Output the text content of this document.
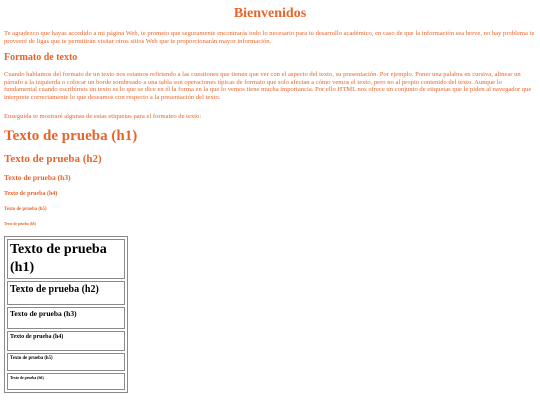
Bienvenidos

Te agradezco que hayas accedido a mi página Web, te prometo que seguramente encontrarás todo lo necesario para tu desarrollo académico, en caso de que la información sea breve, no hay problema te proveeré de ligas que te permitirán visitar otros sitios Web que te proporcionarán mayor información.

Formato de texto

Cuando hablamos del formato de un texto nos estamos refiriendo a las cuestiones que tienen que ver con el aspecto del texto, su presentación. Por ejemplo. Poner una palabra en cursiva, alinear un párrafo a la izquierda o colocar un borde sombreado a una tabla son operaciones típicas de formato que solo afectan a cómo vemos el texto, pero no al propio contenido del texto. Aunque lo fundamental cuando escribimos un texto es lo que se dice en él la forma en la que lo vemos tiene mucha importancia. Por ello HTML nos ofrece un conjunto de etiquetas que le piden al navegador que interprete correctamente lo que deseamos con respecto a la presentación del texto.

Enseguida te mostraré algunas de estas etiquetas para el formateo de texto:

Texto de prueba (h1)
Texto de prueba (h2)
Texto de prueba (h3)
Texto de prueba (h4)
Texto de prueba (h5)
Texto de prueba (h6)
Texto de prueba (h1)
Texto de prueba (h2)
Texto de prueba (h3)
Texto de prueba (h4)
Texto de prueba (h5)
Texto de prueba (h6)
